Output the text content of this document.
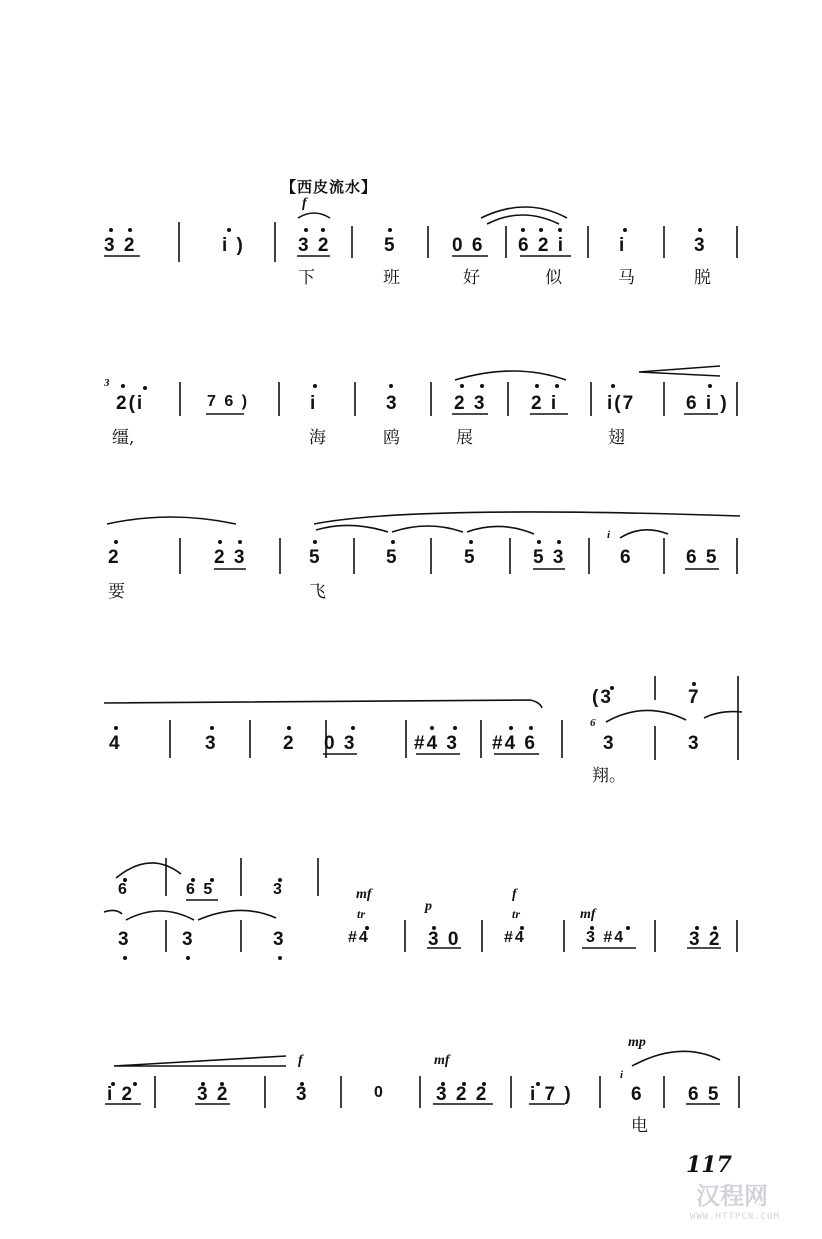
【西皮流水】
f
3 2	i )	3 2	5	0 6 6 2 i	i	3
下	班	好	似	马	脱
3
2(i	7 6 )	i	3	2 3 2 i	i(7	6 i )
缰,	海	鸥	展	翅
i
2	2 3	5	5	5	5 3	6	6 5
要	飞
(3	7
6
4	3	2 0 3	#4 3 #4 6	3	3
翔。
6	6 5	3	mf
p
f
mf
tr	tr
3	3	3	#4	3 0	#4	3 #4	3 2
f	mf
mp
i
i 2	3 2	3	0	3 2 2 i 7 )	6 6 5
电
117
汉程网
WWW.HTTPCN.COM
